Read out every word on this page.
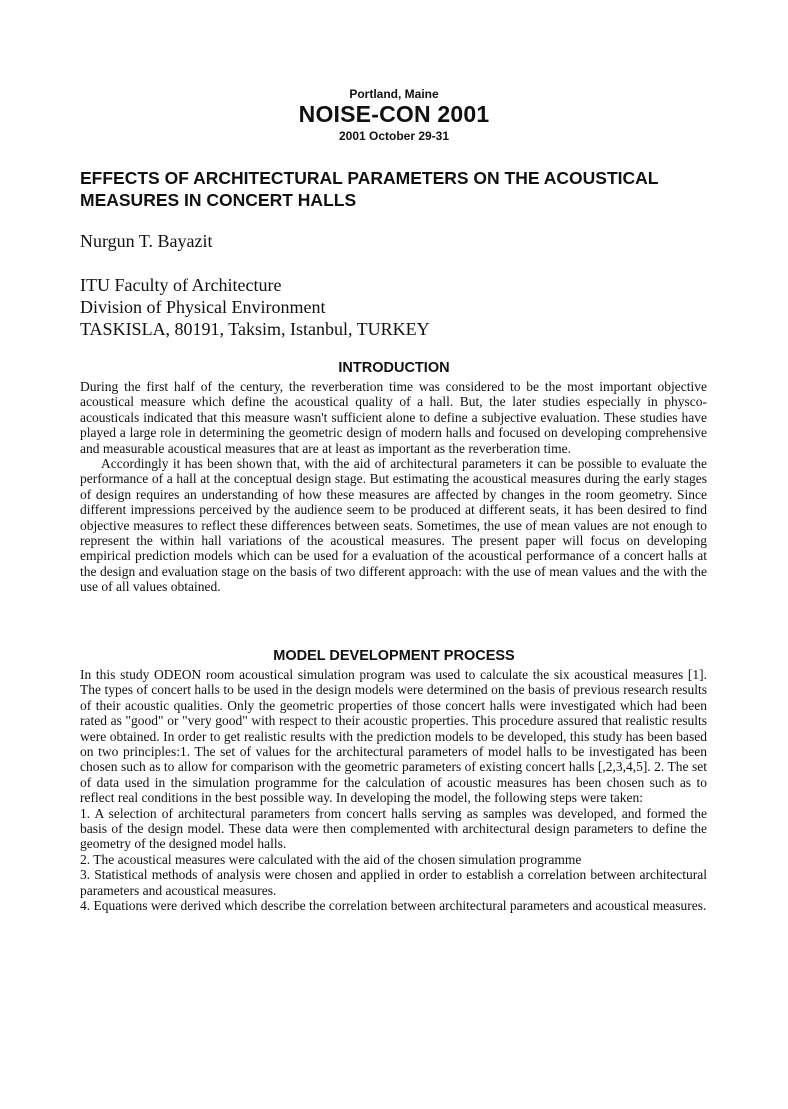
Portland, Maine
NOISE-CON 2001
2001 October 29-31
EFFECTS OF ARCHITECTURAL PARAMETERS ON THE ACOUSTICAL MEASURES IN CONCERT HALLS
Nurgun T. Bayazit
ITU Faculty of Architecture
Division of Physical Environment
TASKISLA, 80191, Taksim, Istanbul, TURKEY
INTRODUCTION

During the first half of the century, the reverberation time was considered to be the most important objective acoustical measure which define the acoustical quality of a hall. But, the later studies especially in physco-acousticals indicated that this measure wasn't sufficient alone to define a subjective evaluation. These studies have played a large role in determining the geometric design of modern halls and focused on developing comprehensive and measurable acoustical measures that are at least as important as the reverberation time.

Accordingly it has been shown that, with the aid of architectural parameters it can be possible to evaluate the performance of a hall at the conceptual design stage. But estimating the acoustical measures during the early stages of design requires an understanding of how these measures are affected by changes in the room geometry. Since different impressions perceived by the audience seem to be produced at different seats, it has been desired to find objective measures to reflect these differences between seats. Sometimes, the use of mean values are not enough to represent the within hall variations of the acoustical measures. The present paper will focus on developing empirical prediction models which can be used for a evaluation of the acoustical performance of a concert halls at the design and evaluation stage on the basis of two different approach: with the use of mean values and the with the use of all values obtained.

MODEL DEVELOPMENT PROCESS

In this study ODEON room acoustical simulation program was used to calculate the six acoustical measures [1]. The types of concert halls to be used in the design models were determined on the basis of previous research results of their acoustic qualities. Only the geometric properties of those concert halls were investigated which had been rated as "good" or "very good" with respect to their acoustic properties. This procedure assured that realistic results were obtained. In order to get realistic results with the prediction models to be developed, this study has been based on two principles:1. The set of values for the architectural parameters of model halls to be investigated has been chosen such as to allow for comparison with the geometric parameters of existing concert halls [,2,3,4,5]. 2. The set of data used in the simulation programme for the calculation of acoustic measures has been chosen such as to reflect real conditions in the best possible way. In developing the model, the following steps were taken:

1. A selection of architectural parameters from concert halls serving as samples was developed, and formed the basis of the design model. These data were then complemented with architectural design parameters to define the geometry of the designed model halls.

2. The acoustical measures were calculated with the aid of the chosen simulation programme

3. Statistical methods of analysis were chosen and applied in order to establish a correlation between architectural parameters and acoustical measures.

4. Equations were derived which describe the correlation between architectural parameters and acoustical measures.
